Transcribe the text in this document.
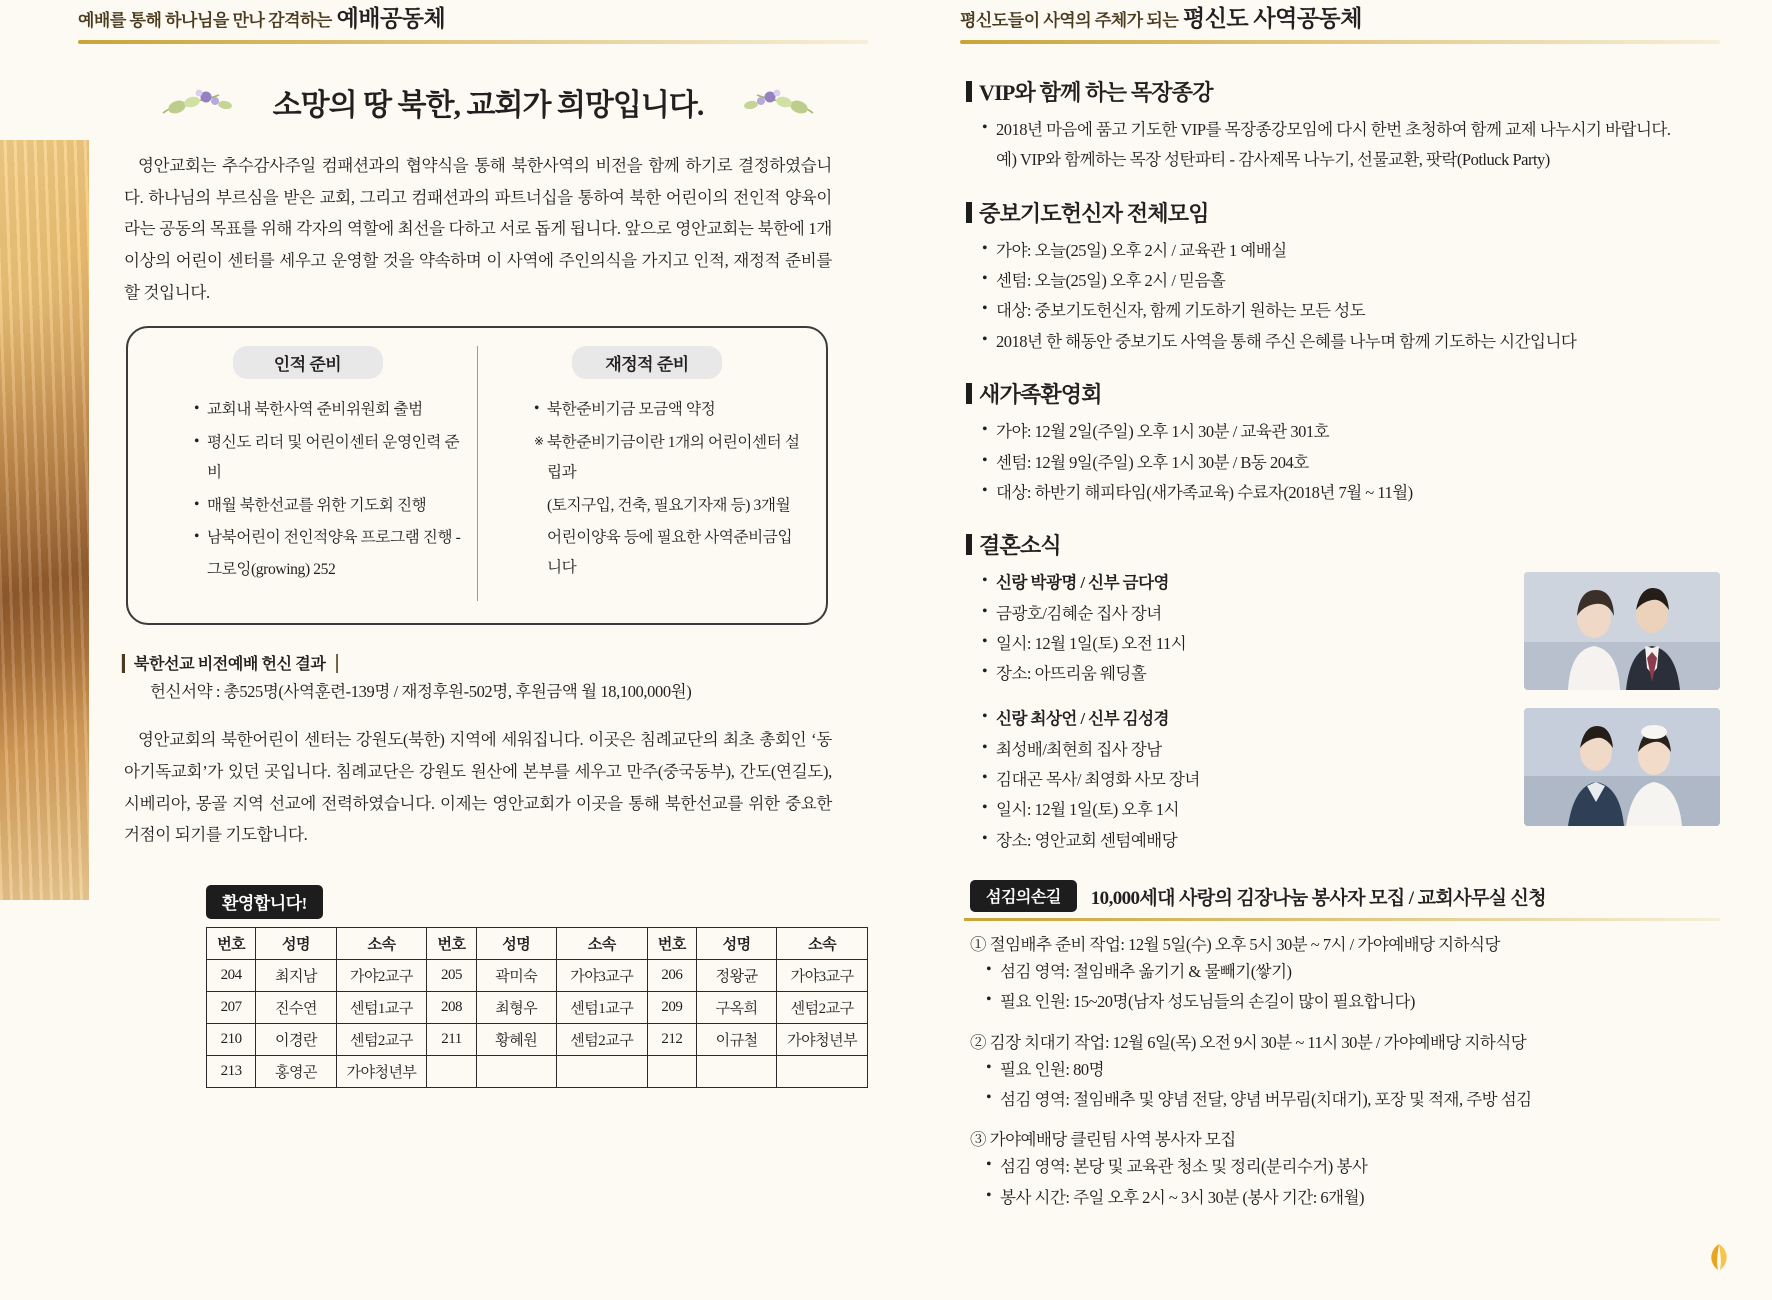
예배를 통해 하나님을 만나 감격하는 예배공동체
소망의 땅 북한, 교회가 희망입니다.

영안교회는 추수감사주일 컴패션과의 협약식을 통해 북한사역의 비전을 함께 하기로 결정하였습니다. 하나님의 부르심을 받은 교회, 그리고 컴패션과의 파트너십을 통하여 북한 어린이의 전인적 양육이라는 공동의 목표를 위해 각자의 역할에 최선을 다하고 서로 돕게 됩니다. 앞으로 영안교회는 북한에 1개 이상의 어린이 센터를 세우고 운영할 것을 약속하며 이 사역에 주인의식을 가지고 인적, 재정적 준비를 할 것입니다.

인적 준비
• 교회내 북한사역 준비위원회 출범
• 평신도 리더 및 어린이센터 운영인력 준비
• 매월 북한선교를 위한 기도회 진행
• 남북어린이 전인적양육 프로그램 진행 -
그로잉(growing) 252
재정적 준비
• 북한준비기금 모금액 약정
※ 북한준비기금이란 1개의 어린이센터 설립과
(토지구입, 건축, 필요기자재 등) 3개월
어린이양육 등에 필요한 사역준비금입니다
▎북한선교 비전예배 헌신 결과▕
헌신서약 : 총525명(사역훈련-139명 / 재정후원-502명, 후원금액 월 18,100,000원)

영안교회의 북한어린이 센터는 강원도(북한) 지역에 세워집니다. 이곳은 침례교단의 최초 총회인 ‘동아기독교회’가 있던 곳입니다. 침례교단은 강원도 원산에 본부를 세우고 만주(중국동부), 간도(연길도), 시베리아, 몽골 지역 선교에 전력하였습니다. 이제는 영안교회가 이곳을 통해 북한선교를 위한 중요한 거점이 되기를 기도합니다.

환영합니다!
번호	성명	소속	번호	성명	소속	번호	성명	소속
204	최지남	가야2교구	205	곽미숙	가야3교구	206	정왕균	가야3교구
207	진수연	센텀1교구	208	최형우	센텀1교구	209	구옥희	센텀2교구
210	이경란	센텀2교구	211	황혜원	센텀2교구	212	이규철	가야청년부
213	홍영곤	가야청년부						
평신도들이 사역의 주체가 되는 평신도 사역공동체
VIP와 함께 하는 목장종강
• 2018년 마음에 품고 기도한 VIP를 목장종강모임에 다시 한번 초청하여 함께 교제 나누시기 바랍니다.
예) VIP와 함께하는 목장 성탄파티 - 감사제목 나누기, 선물교환, 팟락(Potluck Party)
중보기도헌신자 전체모임
• 가야: 오늘(25일) 오후 2시 / 교육관 1 예배실
• 센텀: 오늘(25일) 오후 2시 / 믿음홀
• 대상: 중보기도헌신자, 함께 기도하기 원하는 모든 성도
• 2018년 한 해동안 중보기도 사역을 통해 주신 은혜를 나누며 함께 기도하는 시간입니다
새가족환영회
• 가야: 12월 2일(주일) 오후 1시 30분 / 교육관 301호
• 센텀: 12월 9일(주일) 오후 1시 30분 / B동 204호
• 대상: 하반기 해피타임(새가족교육) 수료자(2018년 7월 ~ 11월)
결혼소식
• 신랑 박광명 / 신부 금다영
• 금광호/김혜순 집사 장녀
• 일시: 12월 1일(토) 오전 11시
• 장소: 아뜨리움 웨딩홀
• 신랑 최상언 / 신부 김성경
• 최성배/최현희 집사 장남
• 김대곤 목사/ 최영화 사모 장녀
• 일시: 12월 1일(토) 오후 1시
• 장소: 영안교회 센텀예배당
섬김의손길	10,000세대 사랑의 김장나눔 봉사자 모집 / 교회사무실 신청
① 절임배추 준비 작업: 12월 5일(수) 오후 5시 30분 ~ 7시 / 가야예배당 지하식당
• 섬김 영역: 절임배추 옮기기 & 물빼기(쌓기)
• 필요 인원: 15~20명(남자 성도님들의 손길이 많이 필요합니다)
② 김장 치대기 작업: 12월 6일(목) 오전 9시 30분 ~ 11시 30분 / 가야예배당 지하식당
• 필요 인원: 80명
• 섬김 영역: 절임배추 및 양념 전달, 양념 버무림(치대기), 포장 및 적재, 주방 섬김
③ 가야예배당 클린팀 사역 봉사자 모집
• 섬김 영역: 본당 및 교육관 청소 및 정리(분리수거) 봉사
• 봉사 시간: 주일 오후 2시 ~ 3시 30분 (봉사 기간: 6개월)
